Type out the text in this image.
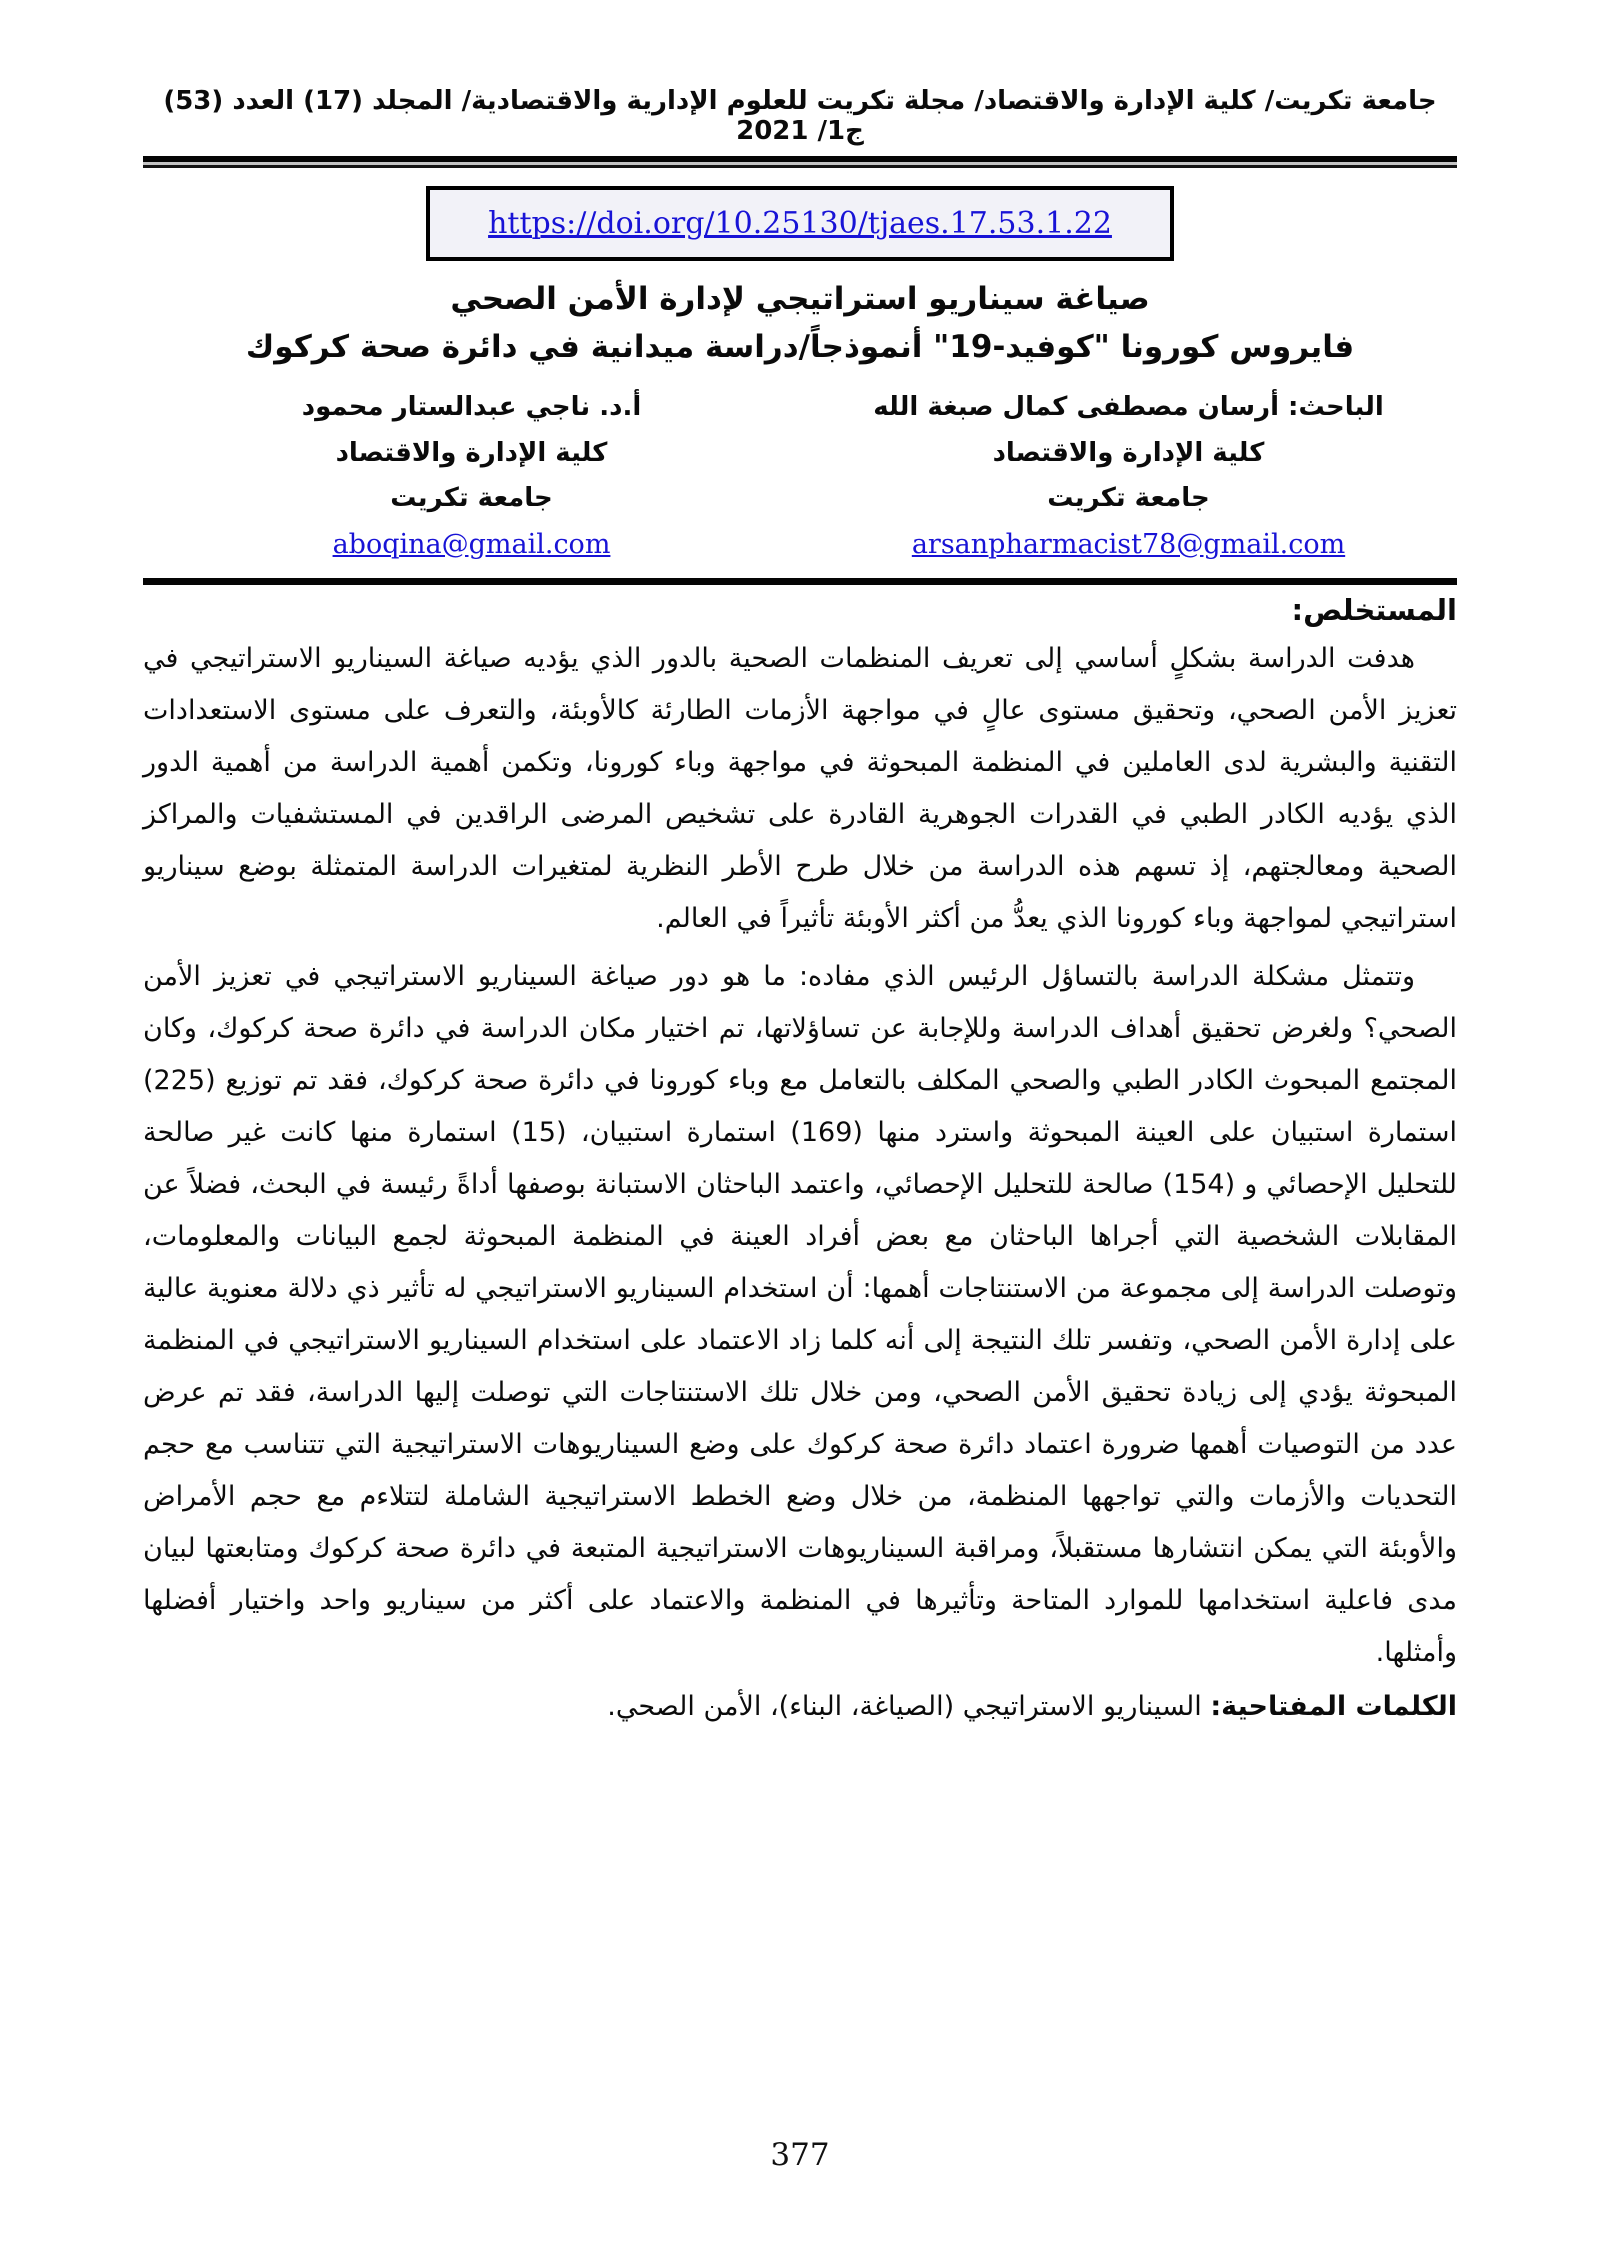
جامعة تكريت/ كلية الإدارة والاقتصاد/ مجلة تكريت للعلوم الإدارية والاقتصادية/ المجلد (17) العدد (53) ج1/ 2021
https://doi.org/10.25130/tjaes.17.53.1.22
صياغة سيناريو استراتيجي لإدارة الأمن الصحي
فايروس كورونا "كوفيد-19" أنموذجاً/دراسة ميدانية في دائرة صحة كركوك
الباحث: أرسان مصطفى كمال صبغة الله
كلية الإدارة والاقتصاد
جامعة تكريت
arsanpharmacist78@gmail.com
أ.د. ناجي عبدالستار محمود
كلية الإدارة والاقتصاد
جامعة تكريت
aboqina@gmail.com
المستخلص:

هدفت الدراسة بشكلٍ أساسي إلى تعريف المنظمات الصحية بالدور الذي يؤديه صياغة السيناريو الاستراتيجي في تعزيز الأمن الصحي، وتحقيق مستوى عالٍ في مواجهة الأزمات الطارئة كالأوبئة، والتعرف على مستوى الاستعدادات التقنية والبشرية لدى العاملين في المنظمة المبحوثة في مواجهة وباء كورونا، وتكمن أهمية الدراسة من أهمية الدور الذي يؤديه الكادر الطبي في القدرات الجوهرية القادرة على تشخيص المرضى الراقدين في المستشفيات والمراكز الصحية ومعالجتهم، إذ تسهم هذه الدراسة من خلال طرح الأطر النظرية لمتغيرات الدراسة المتمثلة بوضع سيناريو استراتيجي لمواجهة وباء كورونا الذي يعدُّ من أكثر الأوبئة تأثيراً في العالم.

وتتمثل مشكلة الدراسة بالتساؤل الرئيس الذي مفاده: ما هو دور صياغة السيناريو الاستراتيجي في تعزيز الأمن الصحي؟ ولغرض تحقيق أهداف الدراسة وللإجابة عن تساؤلاتها، تم اختيار مكان الدراسة في دائرة صحة كركوك، وكان المجتمع المبحوث الكادر الطبي والصحي المكلف بالتعامل مع وباء كورونا في دائرة صحة كركوك، فقد تم توزيع (225) استمارة استبيان على العينة المبحوثة واسترد منها (169) استمارة استبيان، (15) استمارة منها كانت غير صالحة للتحليل الإحصائي و (154) صالحة للتحليل الإحصائي، واعتمد الباحثان الاستبانة بوصفها أداةً رئيسة في البحث، فضلاً عن المقابلات الشخصية التي أجراها الباحثان مع بعض أفراد العينة في المنظمة المبحوثة لجمع البيانات والمعلومات، وتوصلت الدراسة إلى مجموعة من الاستنتاجات أهمها: أن استخدام السيناريو الاستراتيجي له تأثير ذي دلالة معنوية عالية على إدارة الأمن الصحي، وتفسر تلك النتيجة إلى أنه كلما زاد الاعتماد على استخدام السيناريو الاستراتيجي في المنظمة المبحوثة يؤدي إلى زيادة تحقيق الأمن الصحي، ومن خلال تلك الاستنتاجات التي توصلت إليها الدراسة، فقد تم عرض عدد من التوصيات أهمها ضرورة اعتماد دائرة صحة كركوك على وضع السيناريوهات الاستراتيجية التي تتناسب مع حجم التحديات والأزمات والتي تواجهها المنظمة، من خلال وضع الخطط الاستراتيجية الشاملة لتتلاءم مع حجم الأمراض والأوبئة التي يمكن انتشارها مستقبلاً، ومراقبة السيناريوهات الاستراتيجية المتبعة في دائرة صحة كركوك ومتابعتها لبيان مدى فاعلية استخدامها للموارد المتاحة وتأثيرها في المنظمة والاعتماد على أكثر من سيناريو واحد واختيار أفضلها وأمثلها.

الكلمات المفتاحية: السيناريو الاستراتيجي (الصياغة، البناء)، الأمن الصحي.
377
